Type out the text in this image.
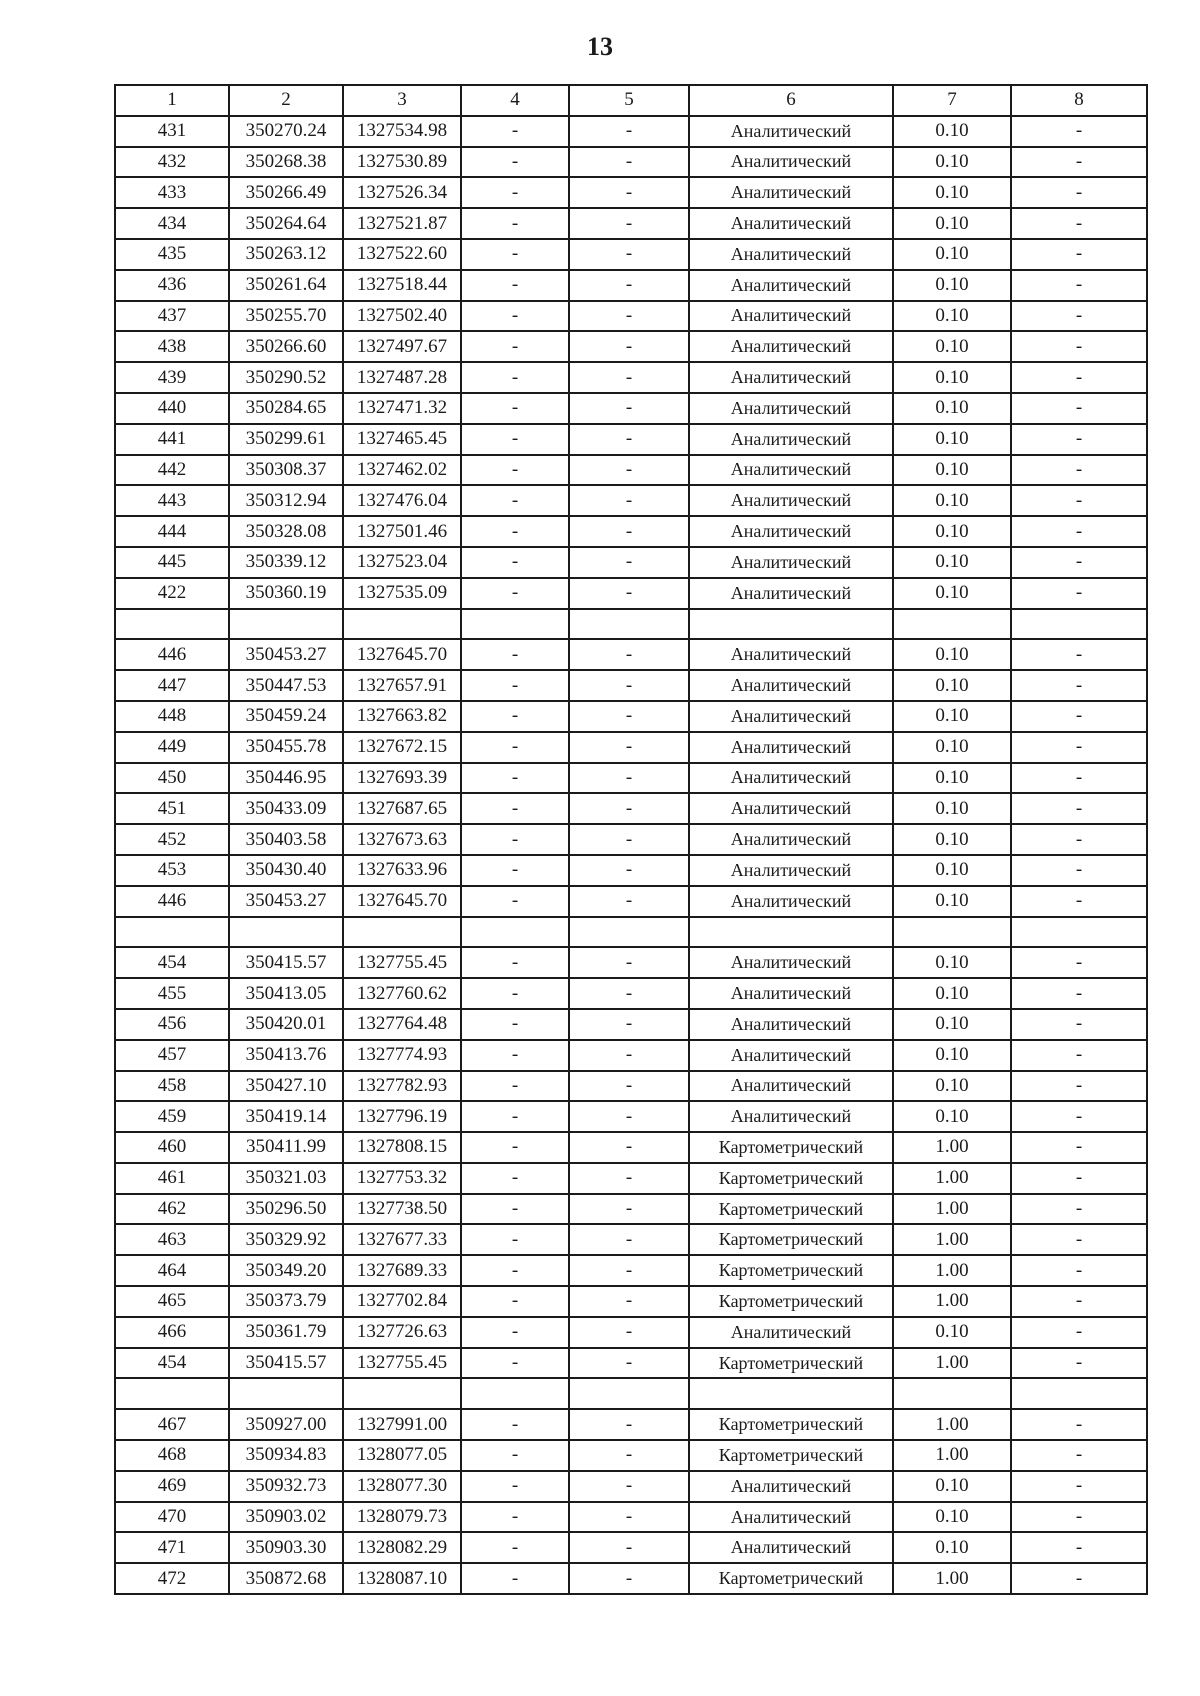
13
1	2	3	4	5	6	7	8
431	350270.24	1327534.98	-	-	Аналитический	0.10	-
432	350268.38	1327530.89	-	-	Аналитический	0.10	-
433	350266.49	1327526.34	-	-	Аналитический	0.10	-
434	350264.64	1327521.87	-	-	Аналитический	0.10	-
435	350263.12	1327522.60	-	-	Аналитический	0.10	-
436	350261.64	1327518.44	-	-	Аналитический	0.10	-
437	350255.70	1327502.40	-	-	Аналитический	0.10	-
438	350266.60	1327497.67	-	-	Аналитический	0.10	-
439	350290.52	1327487.28	-	-	Аналитический	0.10	-
440	350284.65	1327471.32	-	-	Аналитический	0.10	-
441	350299.61	1327465.45	-	-	Аналитический	0.10	-
442	350308.37	1327462.02	-	-	Аналитический	0.10	-
443	350312.94	1327476.04	-	-	Аналитический	0.10	-
444	350328.08	1327501.46	-	-	Аналитический	0.10	-
445	350339.12	1327523.04	-	-	Аналитический	0.10	-
422	350360.19	1327535.09	-	-	Аналитический	0.10	-

446	350453.27	1327645.70	-	-	Аналитический	0.10	-
447	350447.53	1327657.91	-	-	Аналитический	0.10	-
448	350459.24	1327663.82	-	-	Аналитический	0.10	-
449	350455.78	1327672.15	-	-	Аналитический	0.10	-
450	350446.95	1327693.39	-	-	Аналитический	0.10	-
451	350433.09	1327687.65	-	-	Аналитический	0.10	-
452	350403.58	1327673.63	-	-	Аналитический	0.10	-
453	350430.40	1327633.96	-	-	Аналитический	0.10	-
446	350453.27	1327645.70	-	-	Аналитический	0.10	-

454	350415.57	1327755.45	-	-	Аналитический	0.10	-
455	350413.05	1327760.62	-	-	Аналитический	0.10	-
456	350420.01	1327764.48	-	-	Аналитический	0.10	-
457	350413.76	1327774.93	-	-	Аналитический	0.10	-
458	350427.10	1327782.93	-	-	Аналитический	0.10	-
459	350419.14	1327796.19	-	-	Аналитический	0.10	-
460	350411.99	1327808.15	-	-	Картометрический	1.00	-
461	350321.03	1327753.32	-	-	Картометрический	1.00	-
462	350296.50	1327738.50	-	-	Картометрический	1.00	-
463	350329.92	1327677.33	-	-	Картометрический	1.00	-
464	350349.20	1327689.33	-	-	Картометрический	1.00	-
465	350373.79	1327702.84	-	-	Картометрический	1.00	-
466	350361.79	1327726.63	-	-	Аналитический	0.10	-
454	350415.57	1327755.45	-	-	Картометрический	1.00	-

467	350927.00	1327991.00	-	-	Картометрический	1.00	-
468	350934.83	1328077.05	-	-	Картометрический	1.00	-
469	350932.73	1328077.30	-	-	Аналитический	0.10	-
470	350903.02	1328079.73	-	-	Аналитический	0.10	-
471	350903.30	1328082.29	-	-	Аналитический	0.10	-
472	350872.68	1328087.10	-	-	Картометрический	1.00	-
